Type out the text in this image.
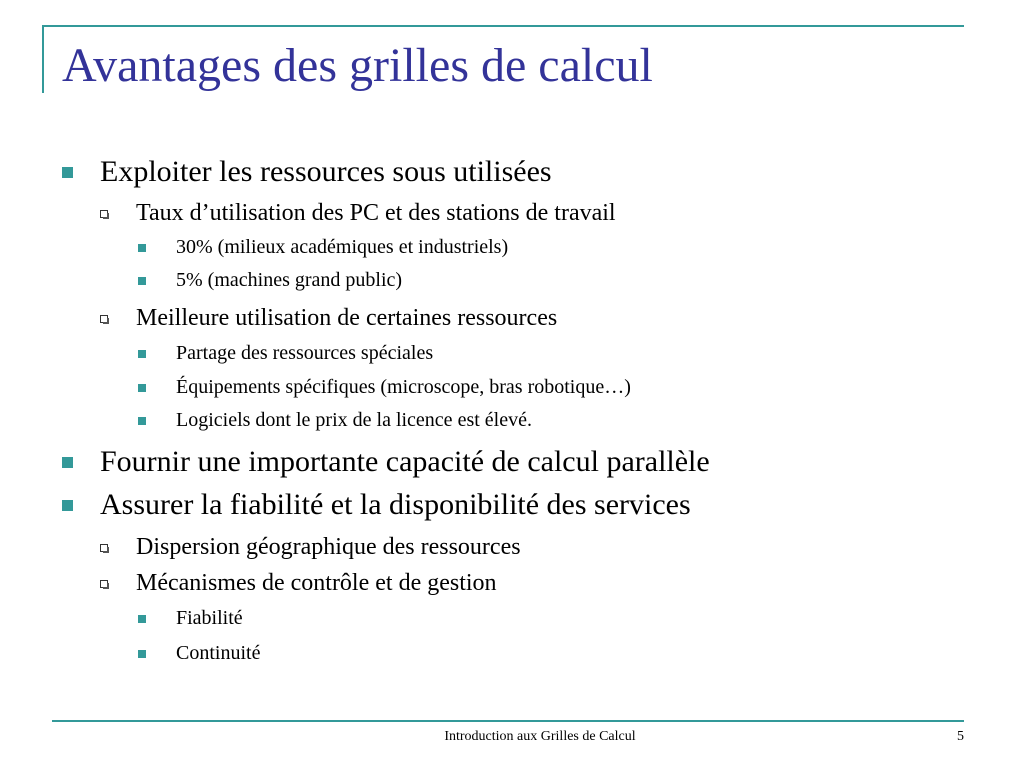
Avantages des grilles de calcul
Exploiter les ressources sous utilisées
Taux d’utilisation des PC et des stations de travail
30% (milieux académiques et industriels)
5% (machines grand public)
Meilleure utilisation de certaines ressources
Partage des ressources spéciales
Équipements spécifiques (microscope, bras robotique…)
Logiciels dont le prix de la licence est élevé.
Fournir une importante capacité de calcul parallèle
Assurer la fiabilité et la disponibilité des services
Dispersion géographique des ressources
Mécanismes de contrôle et de gestion
Fiabilité
Continuité
Introduction aux Grilles de Calcul	5
